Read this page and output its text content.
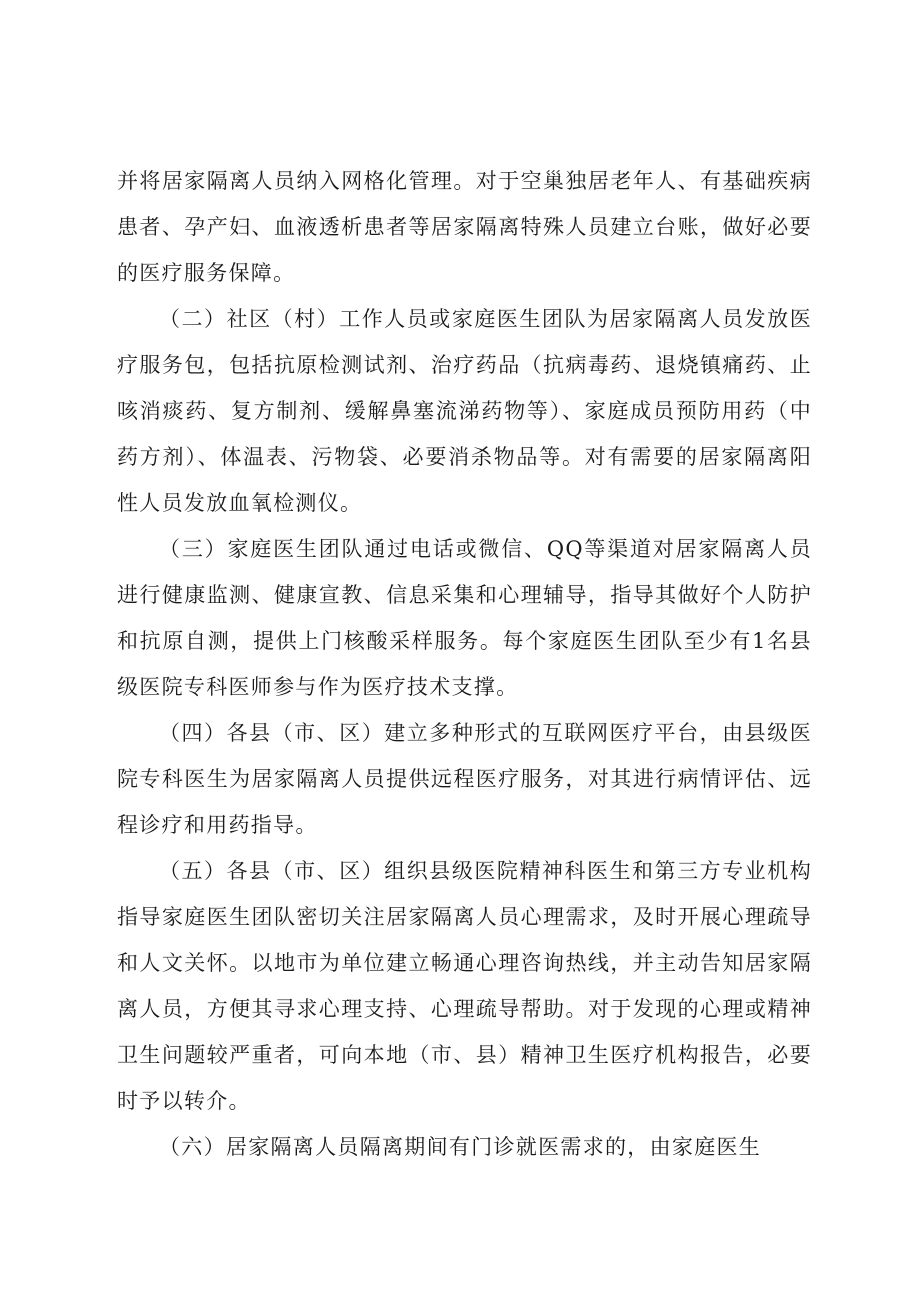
并将居家隔离人员纳入网格化管理。对于空巢独居老年人、有基础疾病患者、孕产妇、血液透析患者等居家隔离特殊人员建立台账，做好必要的医疗服务保障。

（二）社区（村）工作人员或家庭医生团队为居家隔离人员发放医疗服务包，包括抗原检测试剂、治疗药品（抗病毒药、退烧镇痛药、止咳消痰药、复方制剂、缓解鼻塞流涕药物等）、家庭成员预防用药（中药方剂）、体温表、污物袋、必要消杀物品等。对有需要的居家隔离阳性人员发放血氧检测仪。

（三）家庭医生团队通过电话或微信、QQ等渠道对居家隔离人员进行健康监测、健康宣教、信息采集和心理辅导，指导其做好个人防护和抗原自测，提供上门核酸采样服务。每个家庭医生团队至少有1名县级医院专科医师参与作为医疗技术支撑。

（四）各县（市、区）建立多种形式的互联网医疗平台，由县级医院专科医生为居家隔离人员提供远程医疗服务，对其进行病情评估、远程诊疗和用药指导。

（五）各县（市、区）组织县级医院精神科医生和第三方专业机构指导家庭医生团队密切关注居家隔离人员心理需求，及时开展心理疏导和人文关怀。以地市为单位建立畅通心理咨询热线，并主动告知居家隔离人员，方便其寻求心理支持、心理疏导帮助。对于发现的心理或精神卫生问题较严重者，可向本地（市、县）精神卫生医疗机构报告，必要时予以转介。

（六）居家隔离人员隔离期间有门诊就医需求的，由家庭医生
